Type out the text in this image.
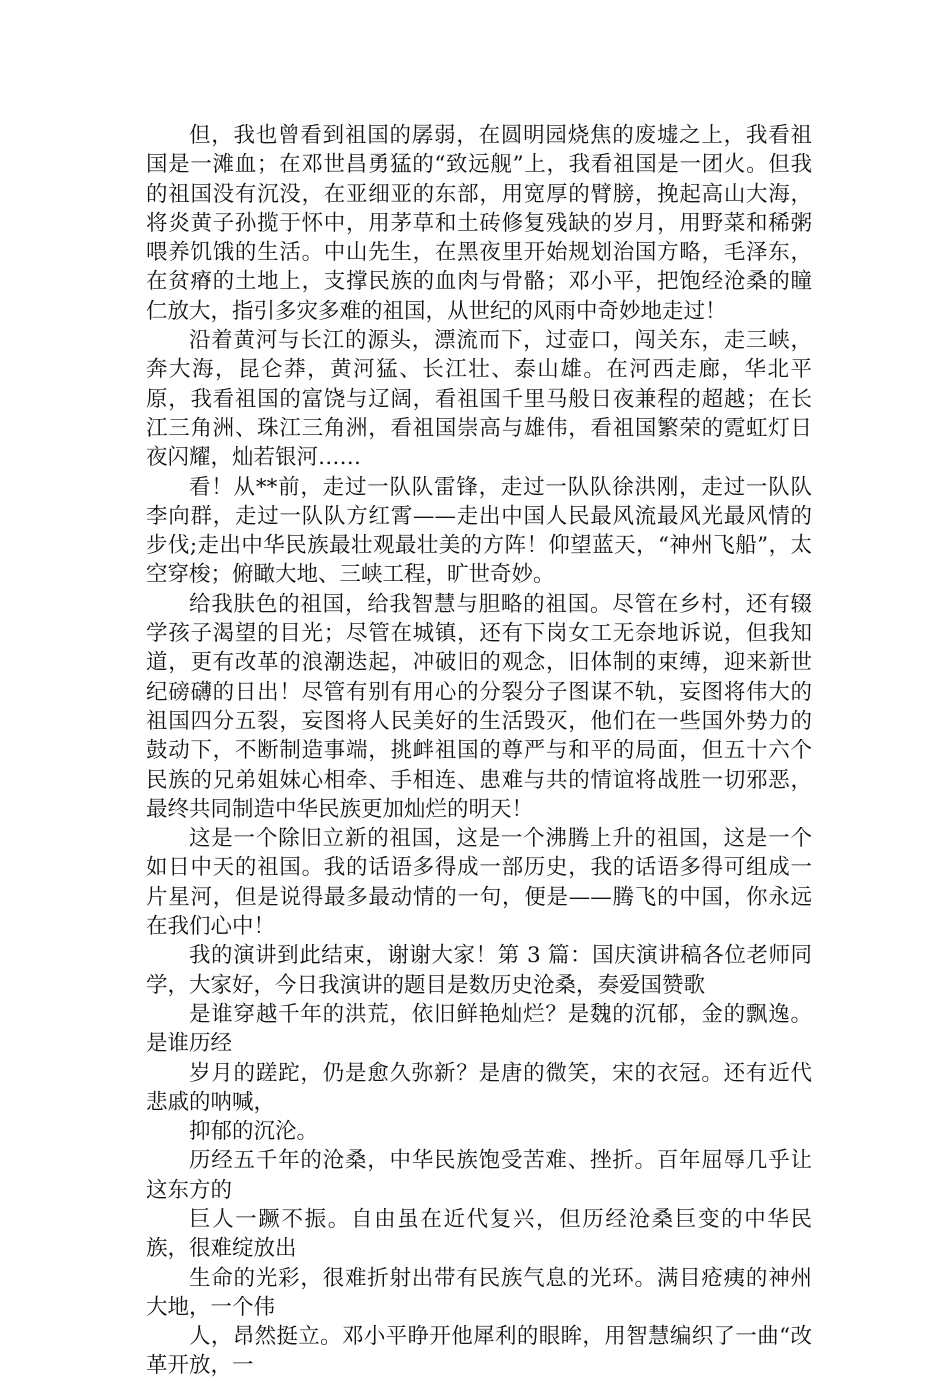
但，我也曾看到祖国的孱弱，在圆明园烧焦的废墟之上，我看祖国是一滩血；在邓世昌勇猛的“致远舰”上，我看祖国是一团火。但我的祖国没有沉没，在亚细亚的东部，用宽厚的臂膀，挽起高山大海，将炎黄子孙揽于怀中，用茅草和土砖修复残缺的岁月，用野菜和稀粥喂养饥饿的生活。中山先生，在黑夜里开始规划治国方略，毛泽东，在贫瘠的土地上，支撑民族的血肉与骨骼；邓小平，把饱经沧桑的瞳仁放大，指引多灾多难的祖国，从世纪的风雨中奇妙地走过！

沿着黄河与长江的源头，漂流而下，过壶口，闯关东，走三峡，奔大海，昆仑莽，黄河猛、长江壮、泰山雄。在河西走廊，华北平原，我看祖国的富饶与辽阔，看祖国千里马般日夜兼程的超越；在长江三角洲、珠江三角洲，看祖国崇高与雄伟，看祖国繁荣的霓虹灯日夜闪耀，灿若银河……

看！从**前，走过一队队雷锋，走过一队队徐洪刚，走过一队队李向群，走过一队队方红霄——走出中国人民最风流最风光最风情的步伐;走出中华民族最壮观最壮美的方阵！仰望蓝天，“神州飞船”，太空穿梭；俯瞰大地、三峡工程，旷世奇妙。

给我肤色的祖国，给我智慧与胆略的祖国。尽管在乡村，还有辍学孩子渴望的目光；尽管在城镇，还有下岗女工无奈地诉说，但我知道，更有改革的浪潮迭起，冲破旧的观念，旧体制的束缚，迎来新世纪磅礴的日出！尽管有别有用心的分裂分子图谋不轨，妄图将伟大的祖国四分五裂，妄图将人民美好的生活毁灭，他们在一些国外势力的鼓动下，不断制造事端，挑衅祖国的尊严与和平的局面，但五十六个民族的兄弟姐妹心相牵、手相连、患难与共的情谊将战胜一切邪恶，最终共同制造中华民族更加灿烂的明天！

这是一个除旧立新的祖国，这是一个沸腾上升的祖国，这是一个如日中天的祖国。我的话语多得成一部历史，我的话语多得可组成一片星河，但是说得最多最动情的一句，便是——腾飞的中国，你永远在我们心中！

我的演讲到此结束，谢谢大家！第 3 篇：国庆演讲稿各位老师同学，大家好，今日我演讲的题目是数历史沧桑，奏爱国赞歌

是谁穿越千年的洪荒，依旧鲜艳灿烂？是魏的沉郁，金的飘逸。是谁历经

岁月的蹉跎，仍是愈久弥新？是唐的微笑，宋的衣冠。还有近代悲戚的呐喊，

抑郁的沉沦。

历经五千年的沧桑，中华民族饱受苦难、挫折。百年屈辱几乎让这东方的

巨人一蹶不振。自由虽在近代复兴，但历经沧桑巨变的中华民族，很难绽放出

生命的光彩，很难折射出带有民族气息的光环。满目疮痍的神州大地，一个伟

人，昂然挺立。邓小平睁开他犀利的眼眸，用智慧编织了一曲“改革开放，一
